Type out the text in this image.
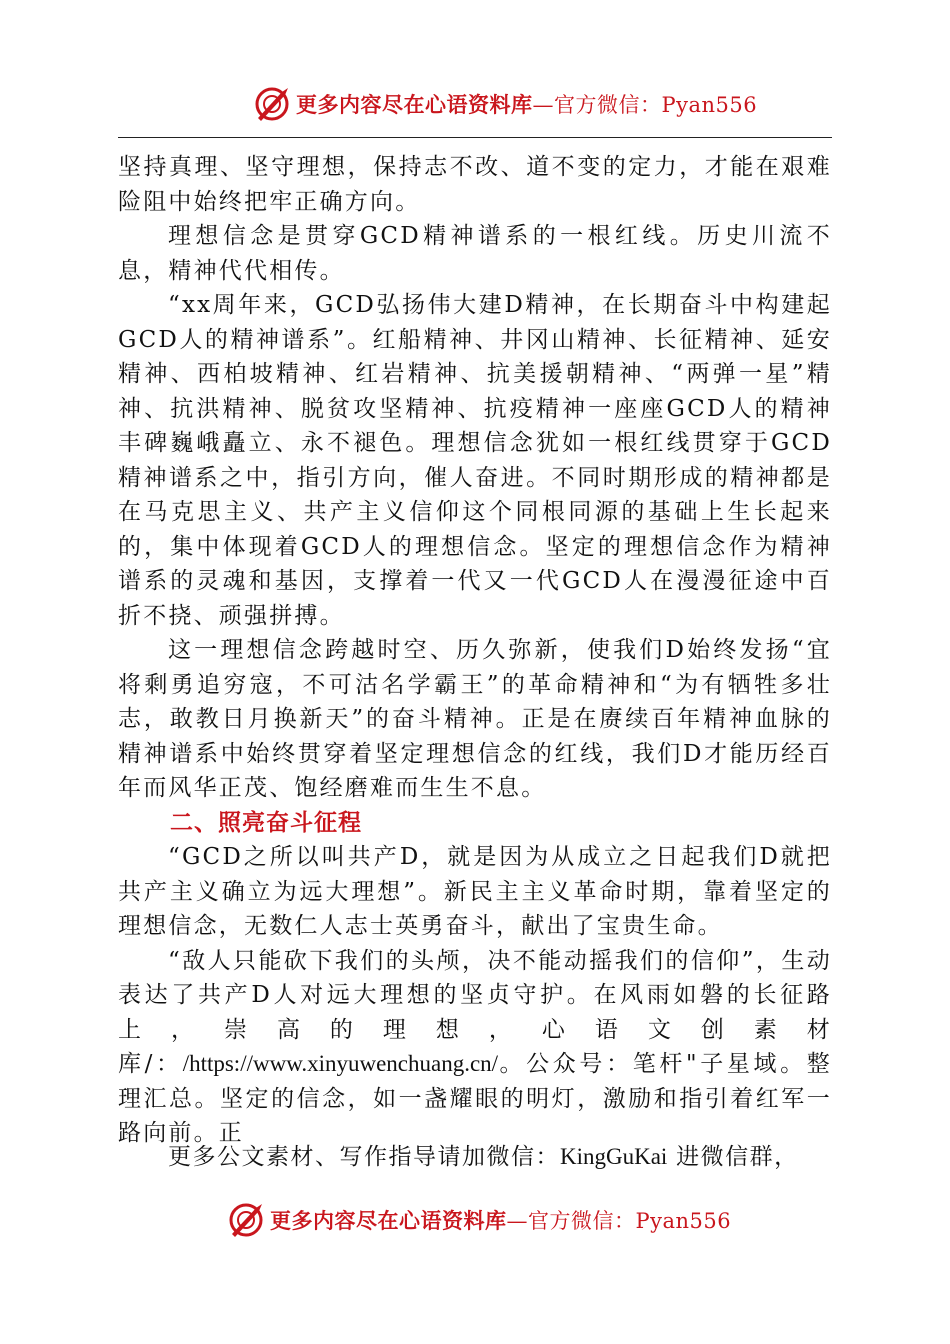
更多内容尽在心语资料库—官方微信：Pyan556

坚持真理、坚守理想，保持志不改、道不变的定力，才能在艰难险阻中始终把牢正确方向。

理想信念是贯穿GCD精神谱系的一根红线。历史川流不息，精神代代相传。

“xx周年来，GCD弘扬伟大建D精神，在长期奋斗中构建起GCD人的精神谱系”。红船精神、井冈山精神、长征精神、延安精神、西柏坡精神、红岩精神、抗美援朝精神、“两弹一星”精神、抗洪精神、脱贫攻坚精神、抗疫精神一座座GCD人的精神丰碑巍峨矗立、永不褪色。理想信念犹如一根红线贯穿于GCD精神谱系之中，指引方向，催人奋进。不同时期形成的精神都是在马克思主义、共产主义信仰这个同根同源的基础上生长起来的，集中体现着GCD人的理想信念。坚定的理想信念作为精神谱系的灵魂和基因，支撑着一代又一代GCD人在漫漫征途中百折不挠、顽强拼搏。

这一理想信念跨越时空、历久弥新，使我们D始终发扬“宜将剩勇追穷寇，不可沽名学霸王”的革命精神和“为有牺牲多壮志，敢教日月换新天”的奋斗精神。正是在赓续百年精神血脉的精神谱系中始终贯穿着坚定理想信念的红线，我们D才能历经百年而风华正茂、饱经磨难而生生不息。

二、照亮奋斗征程

“GCD之所以叫共产D，就是因为从成立之日起我们D就把共产主义确立为远大理想”。新民主主义革命时期，靠着坚定的理想信念，无数仁人志士英勇奋斗，献出了宝贵生命。

“敌人只能砍下我们的头颅，决不能动摇我们的信仰”，生动表达了共产D人对远大理想的坚贞守护。在风雨如磐的长征路上，崇高的理想，心语文创素材库/：/https://www.xinyuwenchuang.cn/。公众号：笔杆"子星域。整理汇总。坚定的信念，如一盏耀眼的明灯，激励和指引着红军一路向前。正

更多公文素材、写作指导请加微信：KingGuKai 进微信群，
更多内容尽在心语资料库—官方微信：Pyan556
